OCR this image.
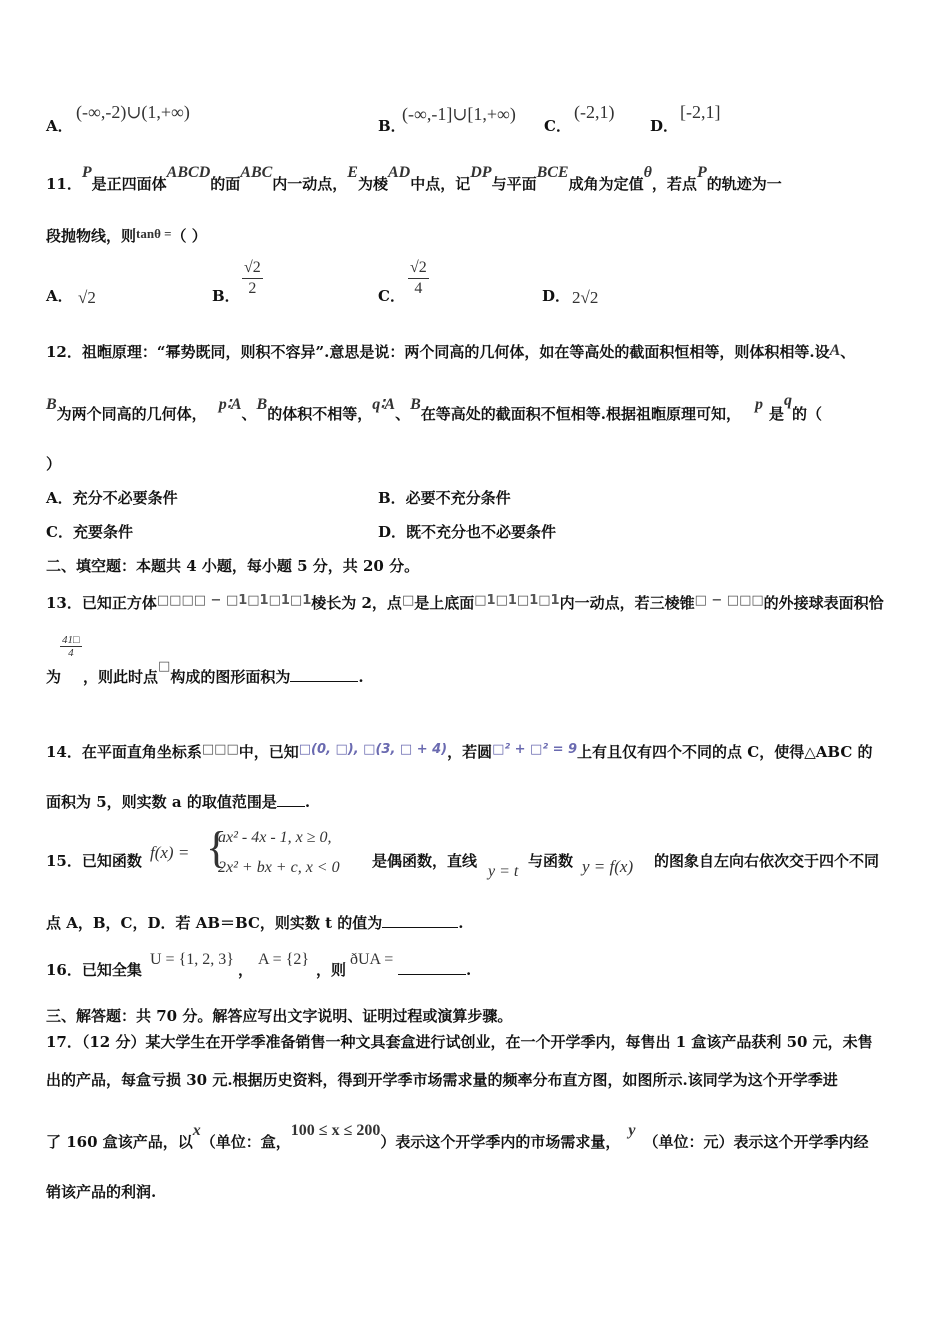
A．
(-∞,-2)∪(1,+∞)
B．
(-∞,-1]∪[1,+∞)
C．
(-2,1)
D．
[-2,1]
11．P是正四面体ABCD的面ABC内一动点，E为棱AD中点，记DP与平面BCE成角为定值θ，若点P的轨迹为一
段抛物线，则tanθ =（ ）
A． √2	B． $\frac{√2}{2}$	C． $\frac{√2}{4}$	D． 2√2
12．祖暅原理：“幂势既同，则积不容异”.意思是说：两个同高的几何体，如在等高处的截面积恒相等，则体积相等.设A、
B为两个同高的几何体，p∶A、B的体积不相等，q∶A、B在等高处的截面积不恒相等.根据祖暅原理可知，p是q的（
）
A．充分不必要条件	B．必要不充分条件
C．充要条件	D．既不充分也不必要条件
二、填空题：本题共 4 小题，每小题 5 分，共 20 分。
13．已知正方体□□□□ − □1□1□1□1棱长为 2，点□是上底面□1□1□1□1内一动点，若三棱锥□ − □□□的外接球表面积恰
$\frac{41□}{4}$
为 ，则此时点□构成的图形面积为	.
14．在平面直角坐标系□□□中，已知□(0, □), □(3, □ + 4)，若圆□² + □² = 9上有且仅有四个不同的点 C，使得△ABC 的
面积为 5，则实数 a 的取值范围是 .
15．已知函数 f(x) = {
ax² - 4x - 1, x ≥ 0,
2x² + bx + c, x < 0 是偶函数，直线
y = t
与函数 y = f(x) 的图象自左向右依次交于四个不同
点 A，B，C，D．若 AB＝BC，则实数 t 的值为	.
16．已知全集
U = {1, 2, 3}
，
A = {2}
，则
ðUA =
.
三、解答题：共 70 分。解答应写出文字说明、证明过程或演算步骤。
17．（12 分）某大学生在开学季准备销售一种文具套盒进行试创业，在一个开学季内，每售出 1 盒该产品获利 50 元，未售
出的产品，每盒亏损 30 元.根据历史资料，得到开学季市场需求量的频率分布直方图，如图所示.该同学为这个开学季进
了 160 盒该产品，以x（单位：盒，100 ≤ x ≤ 200）表示这个开学季内的市场需求量，y（单位：元）表示这个开学季内经
销该产品的利润.
